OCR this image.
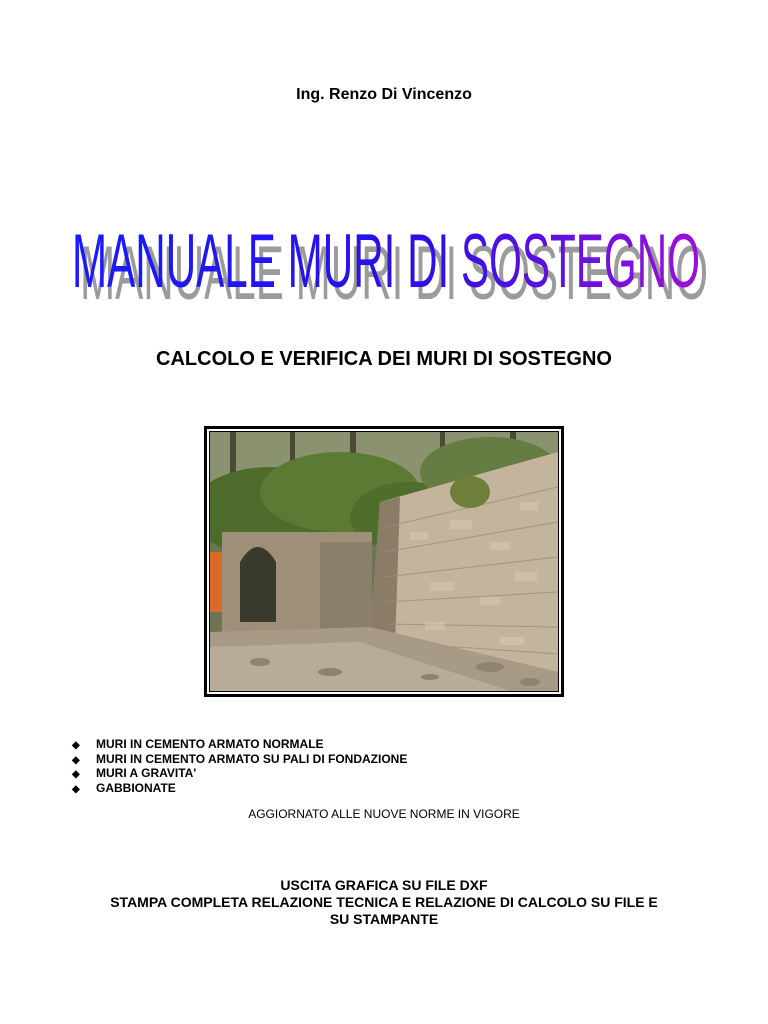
Ing. Renzo Di Vincenzo
MANUALE MURI DI SOSTEGNO
MANUALE MURI DI SOSTEGNO
CALCOLO E VERIFICA DEI MURI DI SOSTEGNO
◆ MURI IN CEMENTO ARMATO NORMALE
◆ MURI IN CEMENTO ARMATO SU PALI DI FONDAZIONE
◆ MURI A GRAVITA'
◆ GABBIONATE
AGGIORNATO ALLE NUOVE NORME IN VIGORE
USCITA GRAFICA SU FILE DXF
STAMPA COMPLETA RELAZIONE TECNICA E RELAZIONE DI CALCOLO SU FILE E
SU STAMPANTE
